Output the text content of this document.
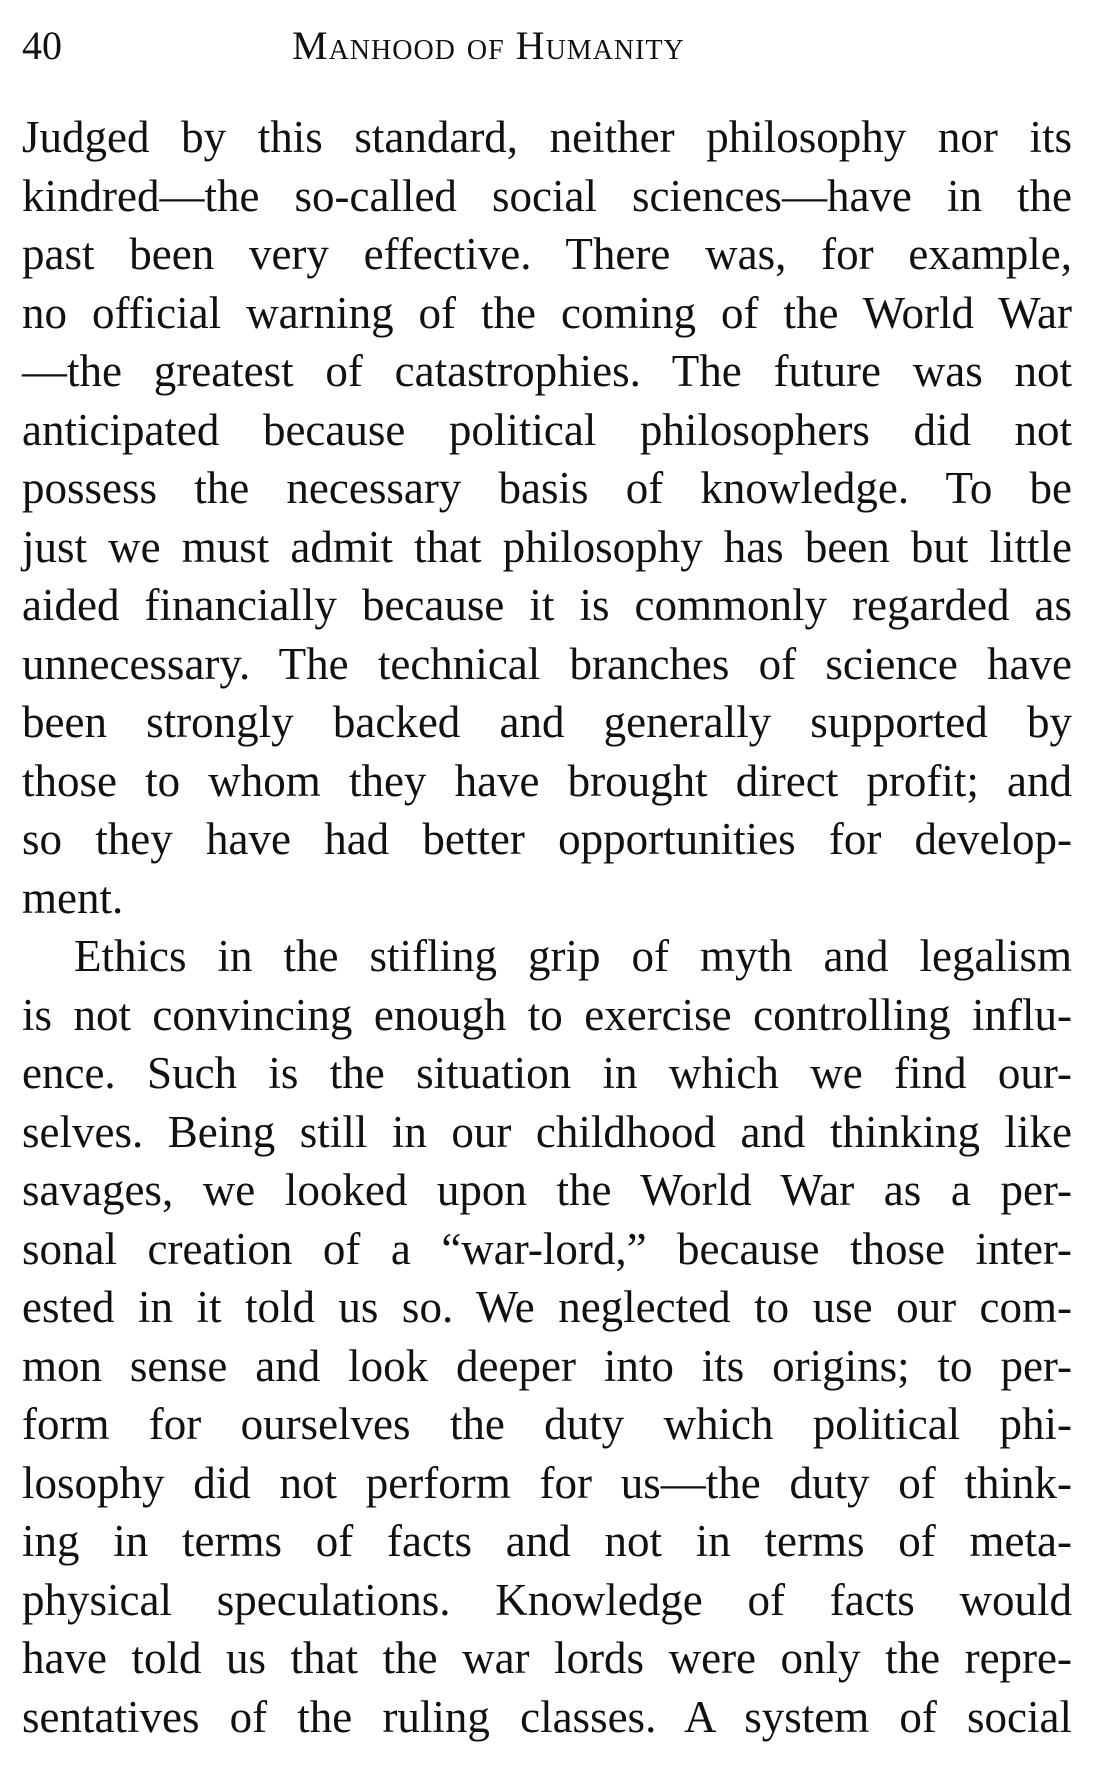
40	Manhood of Humanity
Judged by this standard, neither philosophy nor its
kindred—the so-called social sciences—have in the
past been very effective. There was, for example,
no official warning of the coming of the World War
—the greatest of catastrophies. The future was not
anticipated because political philosophers did not
possess the necessary basis of knowledge. To be
just we must admit that philosophy has been but little
aided financially because it is commonly regarded as
unnecessary. The technical branches of science have
been strongly backed and generally supported by
those to whom they have brought direct profit; and
so they have had better opportunities for develop-
ment.
Ethics in the stifling grip of myth and legalism
is not convincing enough to exercise controlling influ-
ence. Such is the situation in which we find our-
selves. Being still in our childhood and thinking like
savages, we looked upon the World War as a per-
sonal creation of a “war-lord,” because those inter-
ested in it told us so. We neglected to use our com-
mon sense and look deeper into its origins; to per-
form for ourselves the duty which political phi-
losophy did not perform for us—the duty of think-
ing in terms of facts and not in terms of meta-
physical speculations. Knowledge of facts would
have told us that the war lords were only the repre-
sentatives of the ruling classes. A system of social
